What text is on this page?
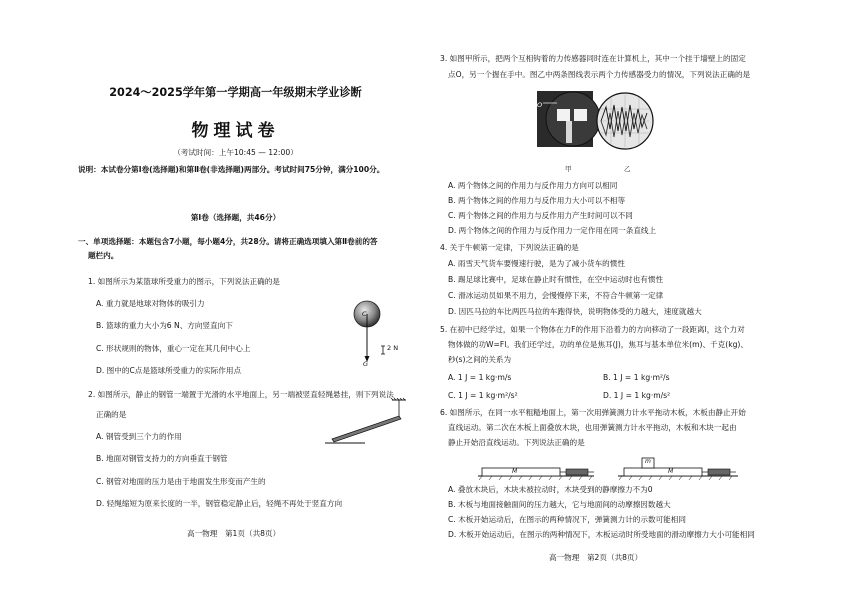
2024～2025学年第一学期高一年级期末学业诊断
物理试卷
（考试时间：上午10:45 — 12:00）
说明：本试卷分第Ⅰ卷(选择题)和第Ⅱ卷(非选择题)两部分。考试时间75分钟，满分100分。
第Ⅰ卷（选择题，共46分）
一、单项选择题：本题包含7小题，每小题4分，共28分。请将正确选项填入第Ⅱ卷前的答
题栏内。
1. 如图所示为某篮球所受重力的图示，下列说法正确的是
A. 重力就是地球对物体的吸引力
B. 篮球的重力大小为6 N、方向竖直向下
C. 形状规则的物体，重心一定在其几何中心上
D. 图中的C点是篮球所受重力的实际作用点
C
G
2 N
2. 如图所示，静止的钢管一端置于光滑的水平地面上，另一端被竖直轻绳悬挂，则下列说法
正确的是
A. 钢管受到三个力的作用
B. 地面对钢管支持力的方向垂直于钢管
C. 钢管对地面的压力是由于地面发生形变而产生的
D. 轻绳缩短为原来长度的一半，钢管稳定静止后，轻绳不再处于竖直方向
高一物理　第1页（共8页）
3. 如图甲所示，把两个互相钩着的力传感器同时连在计算机上，其中一个挂于墙壁上的固定
点O，另一个握在手中。图乙中两条图线表示两个力传感器受力的情况，下列说法正确的是
O
甲	乙
A. 两个物体之间的作用力与反作用力方向可以相同
B. 两个物体之间的作用力与反作用力大小可以不相等
C. 两个物体之间的作用力与反作用力产生时间可以不同
D. 两个物体之间的作用力与反作用力一定作用在同一条直线上
4. 关于牛顿第一定律，下列说法正确的是
A. 雨雪天气货车要慢速行驶，是为了减小货车的惯性
B. 踢足球比赛中，足球在静止时有惯性，在空中运动时也有惯性
C. 滑冰运动员如果不用力，会慢慢停下来，不符合牛顿第一定律
D. 因匹马拉的车比两匹马拉的车跑得快，说明物体受的力越大，速度就越大
5. 在初中已经学过，如果一个物体在力F的作用下沿着力的方向移动了一段距离l，这个力对
物体做的功W=Fl。我们还学过，功的单位是焦耳(J)，焦耳与基本单位米(m)、千克(kg)、
秒(s)之间的关系为
A. 1 J = 1 kg·m/s	B. 1 J = 1 kg·m²/s
C. 1 J = 1 kg·m²/s²	D. 1 J = 1 kg·m/s²
6. 如图所示，在同一水平粗糙地面上，第一次用弹簧测力计水平拖动木板，木板由静止开始
直线运动。第二次在木板上面叠放木块，也用弹簧测力计水平拖动，木板和木块一起由
静止开始沿直线运动。下列说法正确的是
M	M
m
A. 叠放木块后，木块未被拉动时，木块受到的静摩擦力不为0
B. 木板与地面接触面间的压力越大，它与地面间的动摩擦因数越大
C. 木板开始运动后，在图示的两种情况下，弹簧测力计的示数可能相同
D. 木板开始运动后，在图示的两种情况下，木板运动时所受地面的滑动摩擦力大小可能相同
高一物理　第2页（共8页）
